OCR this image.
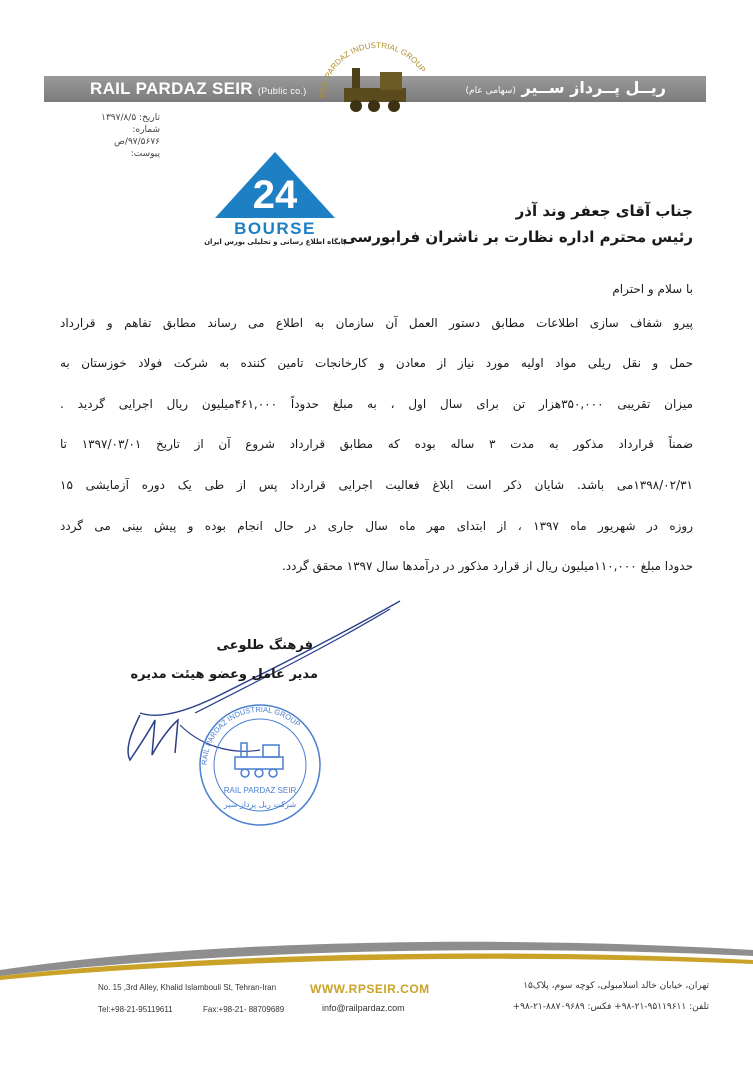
RAIL PARDAZ SEIR (Public co.)	ریــل پــرداز ســیر (سهامی عام)
RAIL PARDAZ INDUSTRIAL GROUP
تاریخ: ۱۳۹۷/۸/۵
شماره: ۹۷/۵۶۷۶/ص
پیوست:
24
BOURSE
پایگاه اطلاع رسانی و تحلیلی بورس ایران
جناب آقای جعفر وند آذر
رئیس محترم اداره نظارت بر ناشران فرابورسی
با سلام و احترام
پیرو شفاف سازی اطلاعات مطابق دستور العمل آن سازمان به اطلاع می رساند مطابق تفاهم و قرارداد
حمل و نقل ریلی مواد اولیه مورد نیاز از معادن و کارخانجات تامین کننده به شرکت فولاد خوزستان به
میزان تقریبی ۳۵۰,۰۰۰هزار تن برای سال اول ، به مبلغ حدوداً ۴۶۱,۰۰۰میلیون ریال اجرایی گردید .
ضمناً قرارداد مذکور به مدت ۳ ساله بوده که مطابق قرارداد شروع آن از تاریخ ۱۳۹۷/۰۳/۰۱ تا
۱۳۹۸/۰۲/۳۱می باشد. شایان ذکر است ابلاغ فعالیت اجرایی قرارداد پس از طی یک دوره آزمایشی ۱۵
روزه در شهریور ماه ۱۳۹۷ ، از ابتدای مهر ماه سال جاری در حال انجام بوده و پیش بینی می گردد
حدودا مبلغ ۱۱۰,۰۰۰میلیون ریال از قرارد مذکور در درآمدها سال ۱۳۹۷ محقق گردد.
فرهنگ طلوعی
مدیر عامل وعضو هیئت مدیره
RAIL PARDAZ INDUSTRIAL GROUP
RAIL PARDAZ SEIR
شرکت ریل پرداز سیر
No. 15 ,3rd Alley, Khalid Islambouli St, Tehran-Iran
Tel:+98-21-95119611	Fax:+98-21- 88709689
WWW.RPSEIR.COM
info@railpardaz.com
تهران، خیابان خالد اسلامبولی، کوچه سوم، پلاک۱۵
تلفن: ۹۵۱۱۹۶۱۱-۲۱-۹۸+ فکس: ۸۸۷۰۹۶۸۹-۲۱-۹۸+
